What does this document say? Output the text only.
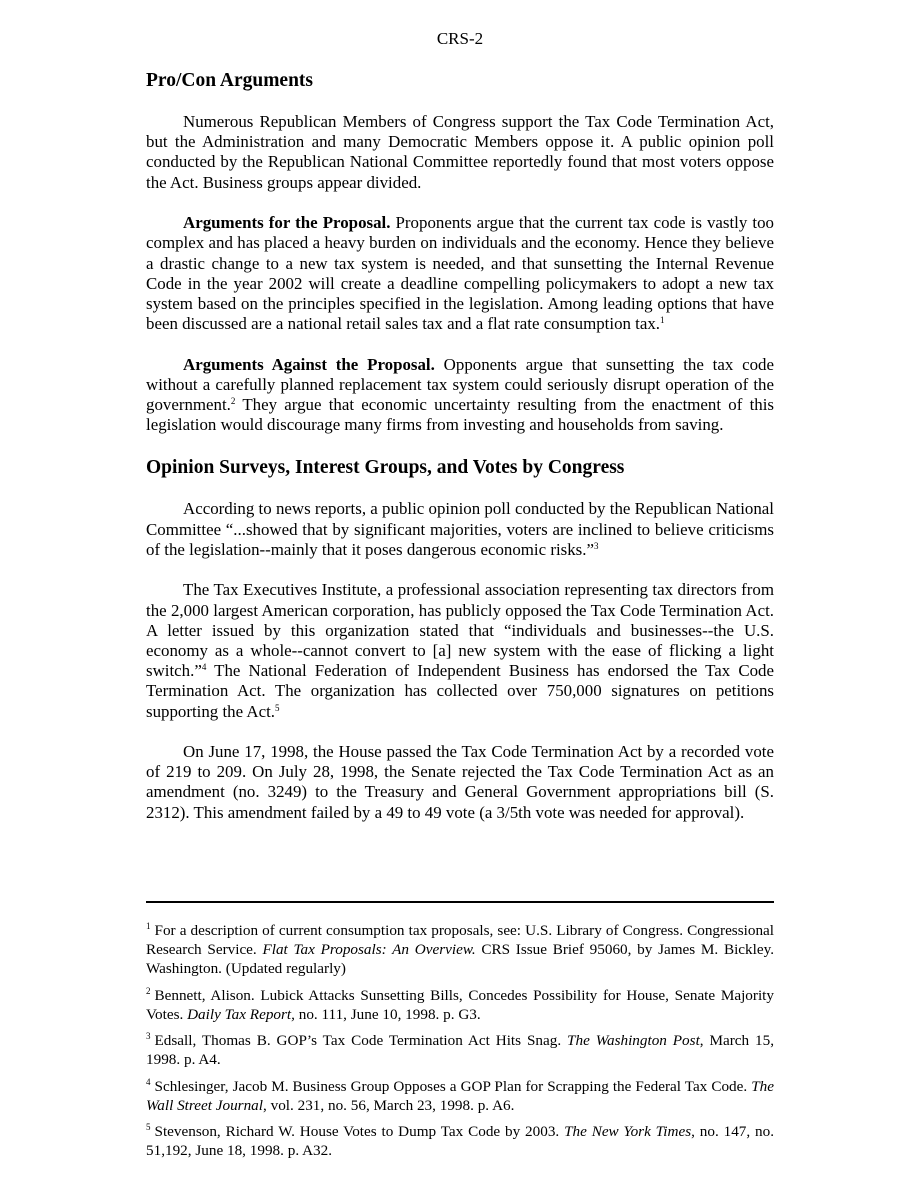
CRS-2
Pro/Con Arguments

Numerous Republican Members of Congress support the Tax Code Termination Act, but the Administration and many Democratic Members oppose it. A public opinion poll conducted by the Republican National Committee reportedly found that most voters oppose the Act. Business groups appear divided.

Arguments for the Proposal. Proponents argue that the current tax code is vastly too complex and has placed a heavy burden on individuals and the economy. Hence they believe a drastic change to a new tax system is needed, and that sunsetting the Internal Revenue Code in the year 2002 will create a deadline compelling policymakers to adopt a new tax system based on the principles specified in the legislation. Among leading options that have been discussed are a national retail sales tax and a flat rate consumption tax.$^1$

Arguments Against the Proposal. Opponents argue that sunsetting the tax code without a carefully planned replacement tax system could seriously disrupt operation of the government.$^2$ They argue that economic uncertainty resulting from the enactment of this legislation would discourage many firms from investing and households from saving.

Opinion Surveys, Interest Groups, and Votes by Congress

According to news reports, a public opinion poll conducted by the Republican National Committee “...showed that by significant majorities, voters are inclined to believe criticisms of the legislation--mainly that it poses dangerous economic risks.”$^3$

The Tax Executives Institute, a professional association representing tax directors from the 2,000 largest American corporation, has publicly opposed the Tax Code Termination Act. A letter issued by this organization stated that “individuals and businesses--the U.S. economy as a whole--cannot convert to [a] new system with the ease of flicking a light switch.”$^4$ The National Federation of Independent Business has endorsed the Tax Code Termination Act. The organization has collected over 750,000 signatures on petitions supporting the Act.$^5$

On June 17, 1998, the House passed the Tax Code Termination Act by a recorded vote of 219 to 209. On July 28, 1998, the Senate rejected the Tax Code Termination Act as an amendment (no. 3249) to the Treasury and General Government appropriations bill (S. 2312). This amendment failed by a 49 to 49 vote (a 3/5th vote was needed for approval).

$^1$ For a description of current consumption tax proposals, see: U.S. Library of Congress. Congressional Research Service. Flat Tax Proposals: An Overview. CRS Issue Brief 95060, by James M. Bickley. Washington. (Updated regularly)

$^2$ Bennett, Alison. Lubick Attacks Sunsetting Bills, Concedes Possibility for House, Senate Majority Votes. Daily Tax Report, no. 111, June 10, 1998. p. G3.

$^3$ Edsall, Thomas B. GOP’s Tax Code Termination Act Hits Snag. The Washington Post, March 15, 1998. p. A4.

$^4$ Schlesinger, Jacob M. Business Group Opposes a GOP Plan for Scrapping the Federal Tax Code. The Wall Street Journal, vol. 231, no. 56, March 23, 1998. p. A6.

$^5$ Stevenson, Richard W. House Votes to Dump Tax Code by 2003. The New York Times, no. 147, no. 51,192, June 18, 1998. p. A32.
